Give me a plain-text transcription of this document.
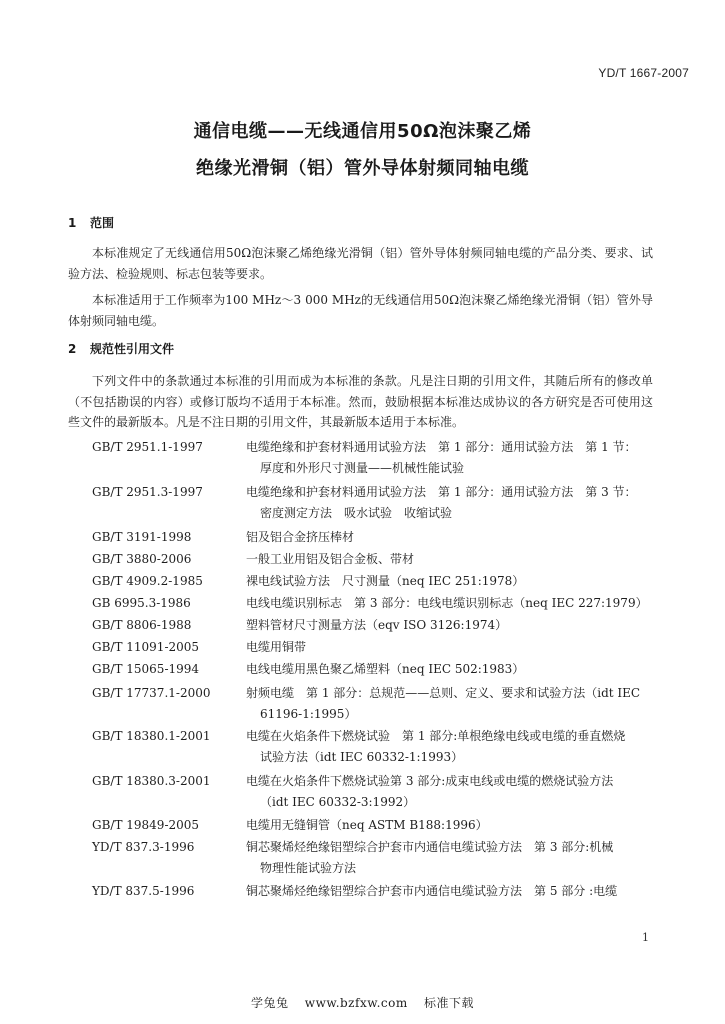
YD/T 1667-2007
通信电缆——无线通信用50Ω泡沫聚乙烯
绝缘光滑铜（铝）管外导体射频同轴电缆
1 范围
本标准规定了无线通信用50Ω泡沫聚乙烯绝缘光滑铜（铝）管外导体射频同轴电缆的产品分类、要求、试验方法、检验规则、标志包装等要求。
本标准适用于工作频率为100 MHz～3 000 MHz的无线通信用50Ω泡沫聚乙烯绝缘光滑铜（铝）管外导体射频同轴电缆。
2 规范性引用文件
下列文件中的条款通过本标准的引用而成为本标准的条款。凡是注日期的引用文件，其随后所有的修改单（不包括勘误的内容）或修订版均不适用于本标准。然而，鼓励根据本标准达成协议的各方研究是否可使用这些文件的最新版本。凡是不注日期的引用文件，其最新版本适用于本标准。
GB/T 2951.1-1997	电缆绝缘和护套材料通用试验方法　第 1 部分：通用试验方法　第 1 节：
厚度和外形尺寸测量——机械性能试验
GB/T 2951.3-1997	电缆绝缘和护套材料通用试验方法　第 1 部分：通用试验方法　第 3 节：
密度测定方法　吸水试验　收缩试验
GB/T 3191-1998	铝及铝合金挤压棒材
GB/T 3880-2006	一般工业用铝及铝合金板、带材
GB/T 4909.2-1985	裸电线试验方法　尺寸测量（neq IEC 251:1978）
GB 6995.3-1986	电线电缆识别标志　第 3 部分：电线电缆识别标志（neq IEC 227:1979）
GB/T 8806-1988	塑料管材尺寸测量方法（eqv ISO 3126:1974）
GB/T 11091-2005	电缆用铜带
GB/T 15065-1994	电线电缆用黑色聚乙烯塑料（neq IEC 502:1983）
GB/T 17737.1-2000	射频电缆　第 1 部分：总规范——总则、定义、要求和试验方法（idt IEC
61196-1:1995）
GB/T 18380.1-2001	电缆在火焰条件下燃烧试验　第 1 部分:单根绝缘电线或电缆的垂直燃烧
试验方法（idt IEC 60332-1:1993）
GB/T 18380.3-2001	电缆在火焰条件下燃烧试验第 3 部分:成束电线或电缆的燃烧试验方法
（idt IEC 60332-3:1992）
GB/T 19849-2005	电缆用无缝铜管（neq ASTM B188:1996）
YD/T 837.3-1996	铜芯聚烯烃绝缘铝塑综合护套市内通信电缆试验方法　第 3 部分:机械
物理性能试验方法
YD/T 837.5-1996	铜芯聚烯烃绝缘铝塑综合护套市内通信电缆试验方法　第 5 部分 :电缆
1
学兔兔 www.bzfxw.com 标准下载
